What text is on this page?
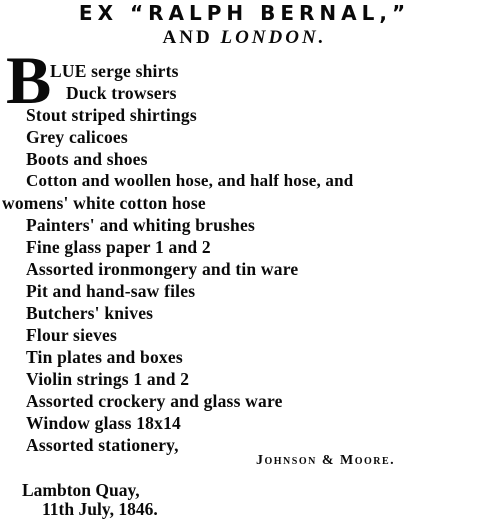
EX “RALPH BERNAL,”
AND LONDON.
B
LUE serge shirts
Duck trowsers
Stout striped shirtings
Grey calicoes
Boots and shoes
Cotton and woollen hose, and half hose, and
womens' white cotton hose
Painters' and whiting brushes
Fine glass paper 1 and 2
Assorted ironmongery and tin ware
Pit and hand-saw files
Butchers' knives
Flour sieves
Tin plates and boxes
Violin strings 1 and 2
Assorted crockery and glass ware
Window glass 18x14
Assorted stationery,
Johnson & Moore.
Lambton Quay,
11th July, 1846.
